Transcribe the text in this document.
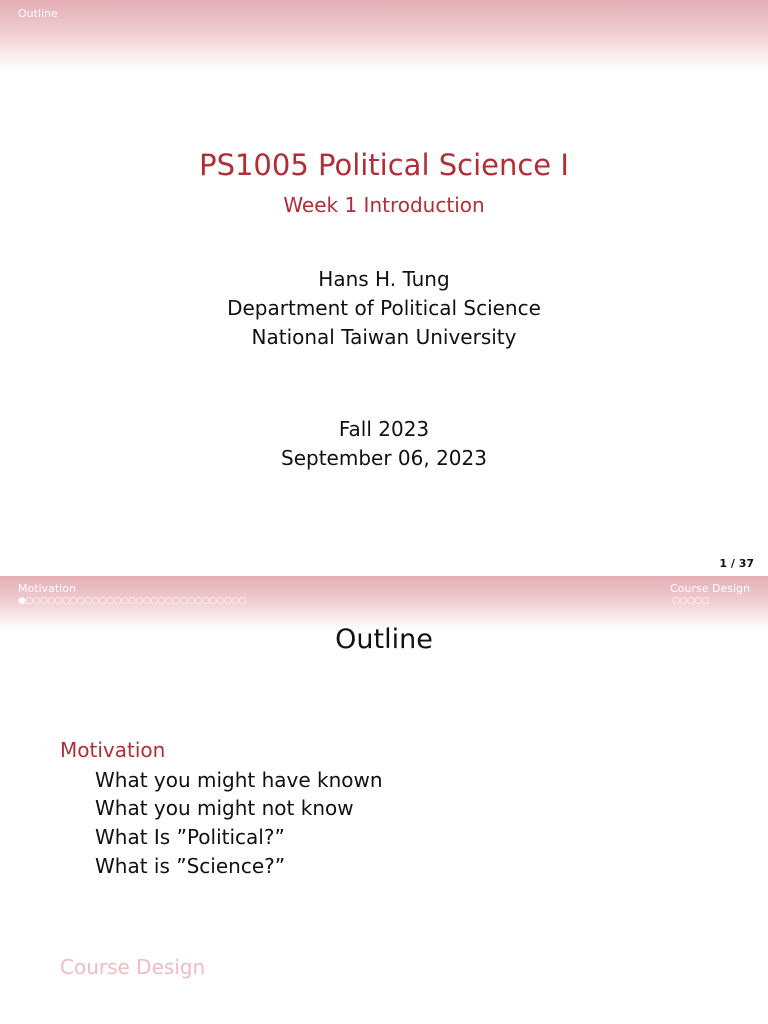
Outline
PS1005 Political Science I
Week 1 Introduction
Hans H. Tung
Department of Political Science
National Taiwan University
Fall 2023
September 06, 2023
1 / 37
Motivation
●○○○○○○○○○○○○○○○○○○○○○○○○○○○○○○
Course Design
○○○○○
Outline
Motivation
What you might have known
What you might not know
What Is ”Political?”
What is ”Science?”
Course Design
